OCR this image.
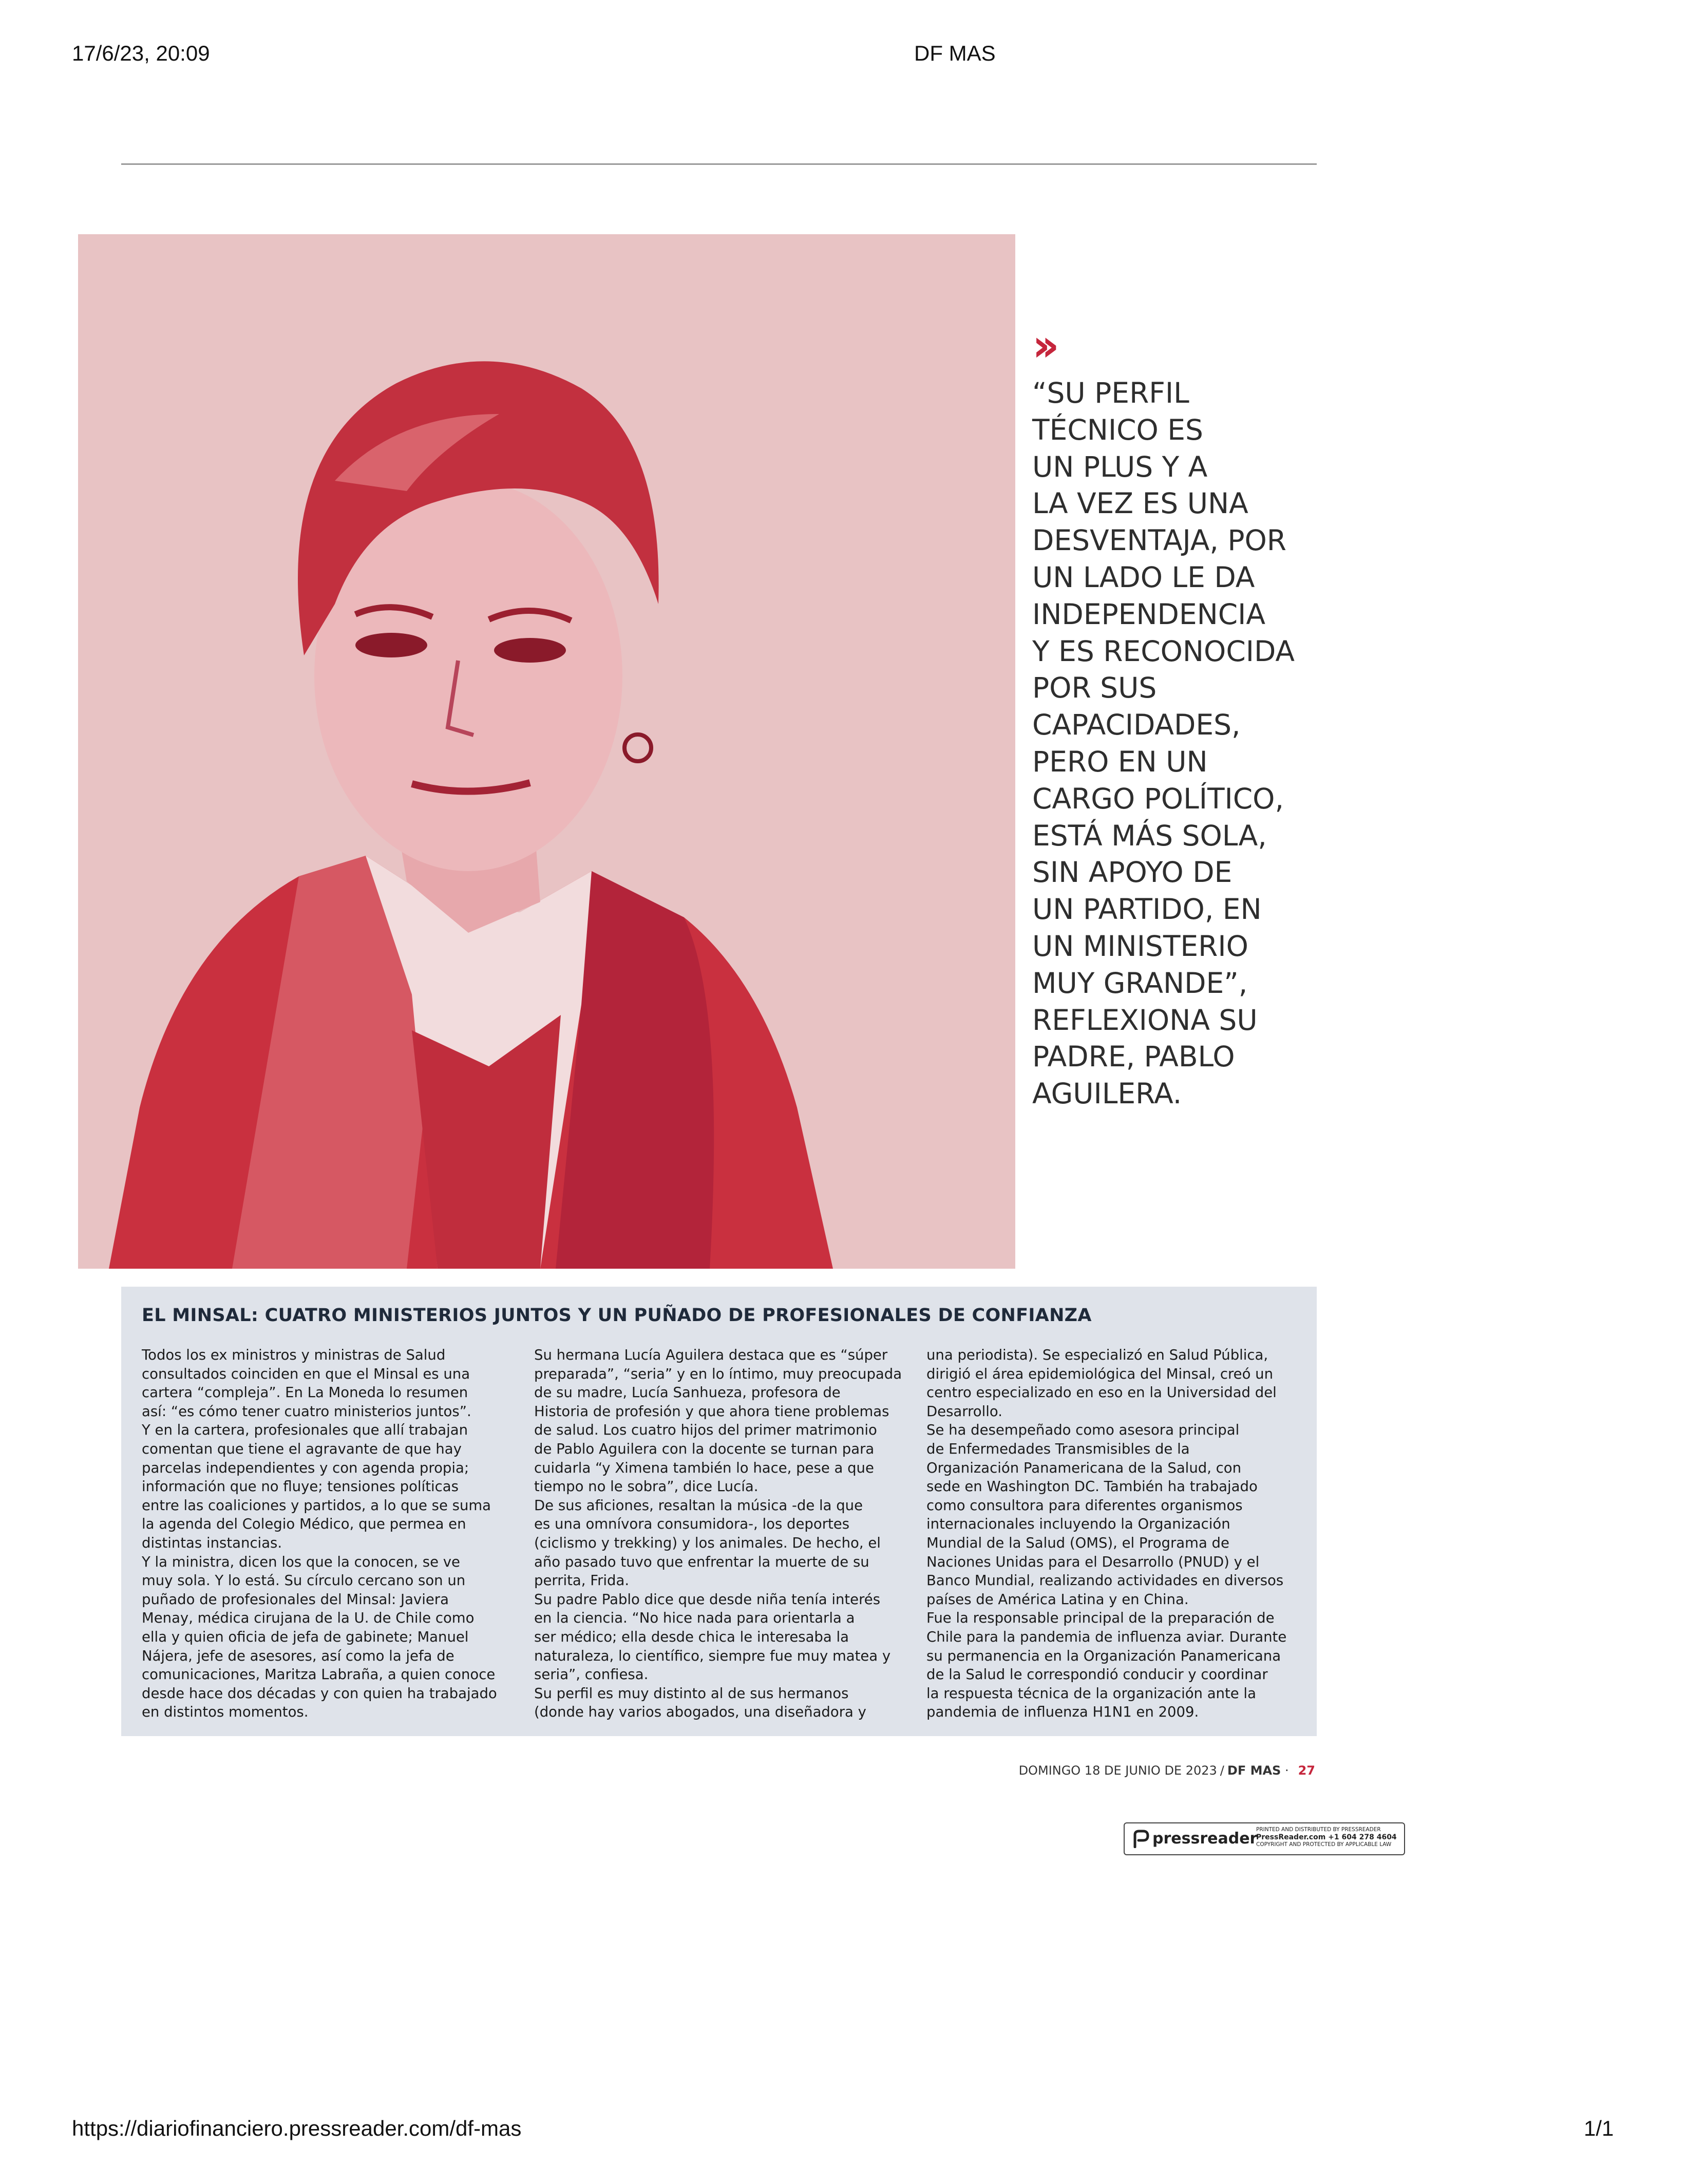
17/6/23, 20:09	DF MAS
››
“SU PERFIL
TÉCNICO ES
UN PLUS Y A
LA VEZ ES UNA
DESVENTAJA, POR
UN LADO LE DA
INDEPENDENCIA
Y ES RECONOCIDA
POR SUS
CAPACIDADES,
PERO EN UN
CARGO POLÍTICO,
ESTÁ MÁS SOLA,
SIN APOYO DE
UN PARTIDO, EN
UN MINISTERIO
MUY GRANDE”,
REFLEXIONA SU
PADRE, PABLO
AGUILERA.
EL MINSAL: CUATRO MINISTERIOS JUNTOS Y UN PUÑADO DE PROFESIONALES DE CONFIANZA
Todos los ex ministros y ministras de Salud
consultados coinciden en que el Minsal es una
cartera “compleja”. En La Moneda lo resumen
así: “es cómo tener cuatro ministerios juntos”.
Y en la cartera, profesionales que allí trabajan
comentan que tiene el agravante de que hay
parcelas independientes y con agenda propia;
información que no fluye; tensiones políticas
entre las coaliciones y partidos, a lo que se suma
la agenda del Colegio Médico, que permea en
distintas instancias.
Y la ministra, dicen los que la conocen, se ve
muy sola. Y lo está. Su círculo cercano son un
puñado de profesionales del Minsal: Javiera
Menay, médica cirujana de la U. de Chile como
ella y quien oficia de jefa de gabinete; Manuel
Nájera, jefe de asesores, así como la jefa de
comunicaciones, Maritza Labraña, a quien conoce
desde hace dos décadas y con quien ha trabajado
en distintos momentos.
Su hermana Lucía Aguilera destaca que es “súper
preparada”, “seria” y en lo íntimo, muy preocupada
de su madre, Lucía Sanhueza, profesora de
Historia de profesión y que ahora tiene problemas
de salud. Los cuatro hijos del primer matrimonio
de Pablo Aguilera con la docente se turnan para
cuidarla “y Ximena también lo hace, pese a que
tiempo no le sobra”, dice Lucía.
De sus aficiones, resaltan la música -de la que
es una omnívora consumidora-, los deportes
(ciclismo y trekking) y los animales. De hecho, el
año pasado tuvo que enfrentar la muerte de su
perrita, Frida.
Su padre Pablo dice que desde niña tenía interés
en la ciencia. “No hice nada para orientarla a
ser médico; ella desde chica le interesaba la
naturaleza, lo científico, siempre fue muy matea y
seria”, confiesa.
Su perfil es muy distinto al de sus hermanos
(donde hay varios abogados, una diseñadora y
una periodista). Se especializó en Salud Pública,
dirigió el área epidemiológica del Minsal, creó un
centro especializado en eso en la Universidad del
Desarrollo.
Se ha desempeñado como asesora principal
de Enfermedades Transmisibles de la
Organización Panamericana de la Salud, con
sede en Washington DC. También ha trabajado
como consultora para diferentes organismos
internacionales incluyendo la Organización
Mundial de la Salud (OMS), el Programa de
Naciones Unidas para el Desarrollo (PNUD) y el
Banco Mundial, realizando actividades en diversos
países de América Latina y en China.
Fue la responsable principal de la preparación de
Chile para la pandemia de influenza aviar. Durante
su permanencia en la Organización Panamericana
de la Salud le correspondió conducir y coordinar
la respuesta técnica de la organización ante la
pandemia de influenza H1N1 en 2009.
DOMINGO 18 DE JUNIO DE 2023 / DF MAS · 27
pressreader
PRINTED AND DISTRIBUTED BY PRESSREADER
PressReader.com +1 604 278 4604
COPYRIGHT AND PROTECTED BY APPLICABLE LAW
https://diariofinanciero.pressreader.com/df-mas	1/1
